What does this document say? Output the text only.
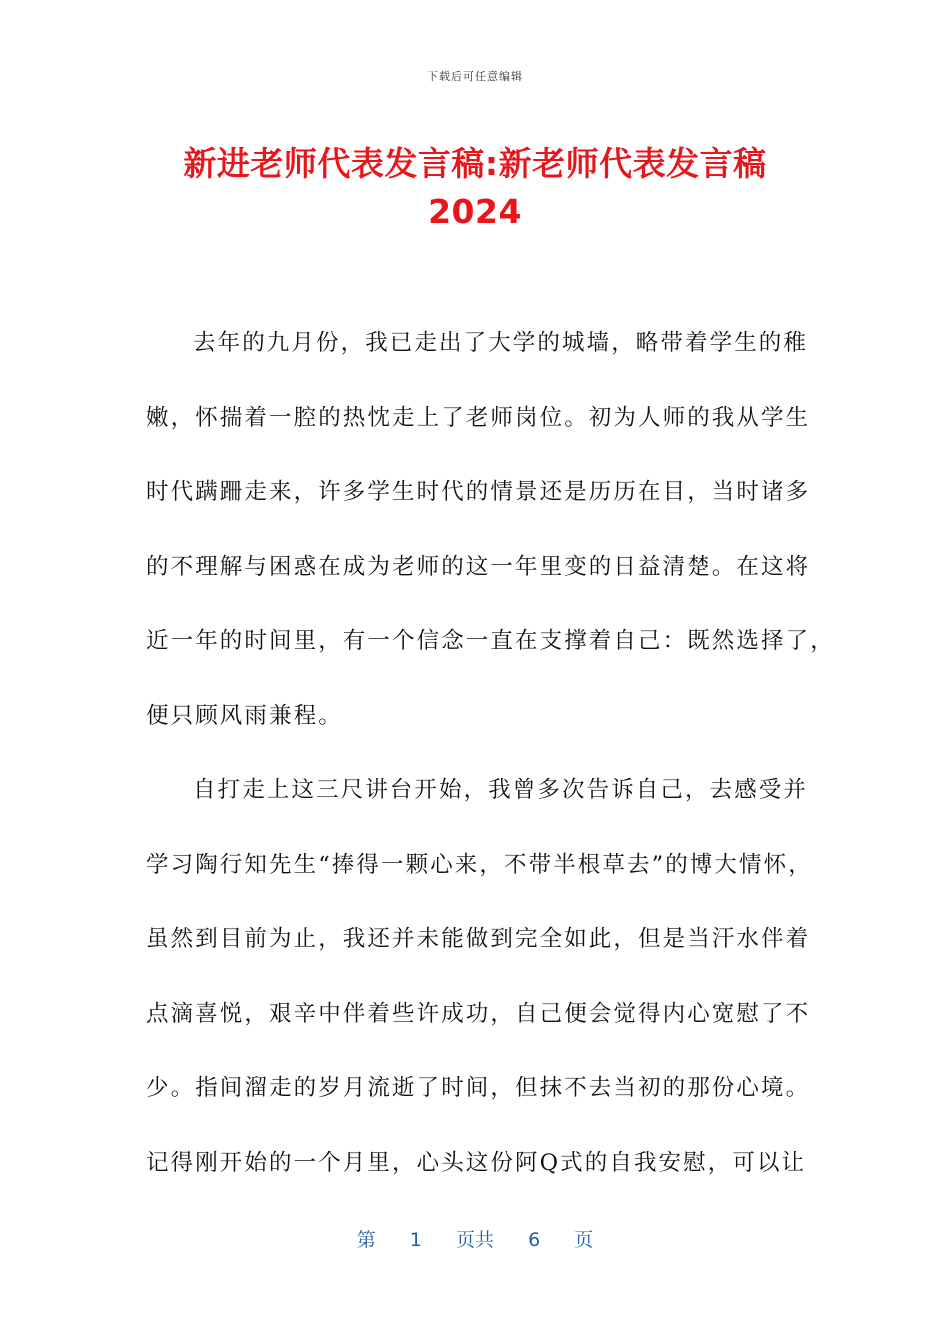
下载后可任意编辑
新进老师代表发言稿:新老师代表发言稿
2024
去年的九月份，我已走出了大学的城墙，略带着学生的稚
嫩，怀揣着一腔的热忱走上了老师岗位。初为人师的我从学生
时代蹒跚走来，许多学生时代的情景还是历历在目，当时诸多
的不理解与困惑在成为老师的这一年里变的日益清楚。在这将
近一年的时间里，有一个信念一直在支撑着自己：既然选择了，
便只顾风雨兼程。
自打走上这三尺讲台开始，我曾多次告诉自己，去感受并
学习陶行知先生“捧得一颗心来，不带半根草去”的博大情怀，
虽然到目前为止，我还并未能做到完全如此，但是当汗水伴着
点滴喜悦，艰辛中伴着些许成功，自己便会觉得内心宽慰了不
少。指间溜走的岁月流逝了时间，但抹不去当初的那份心境。
记得刚开始的一个月里，心头这份阿Q式的自我安慰，可以让
第 1 页共 6 页
